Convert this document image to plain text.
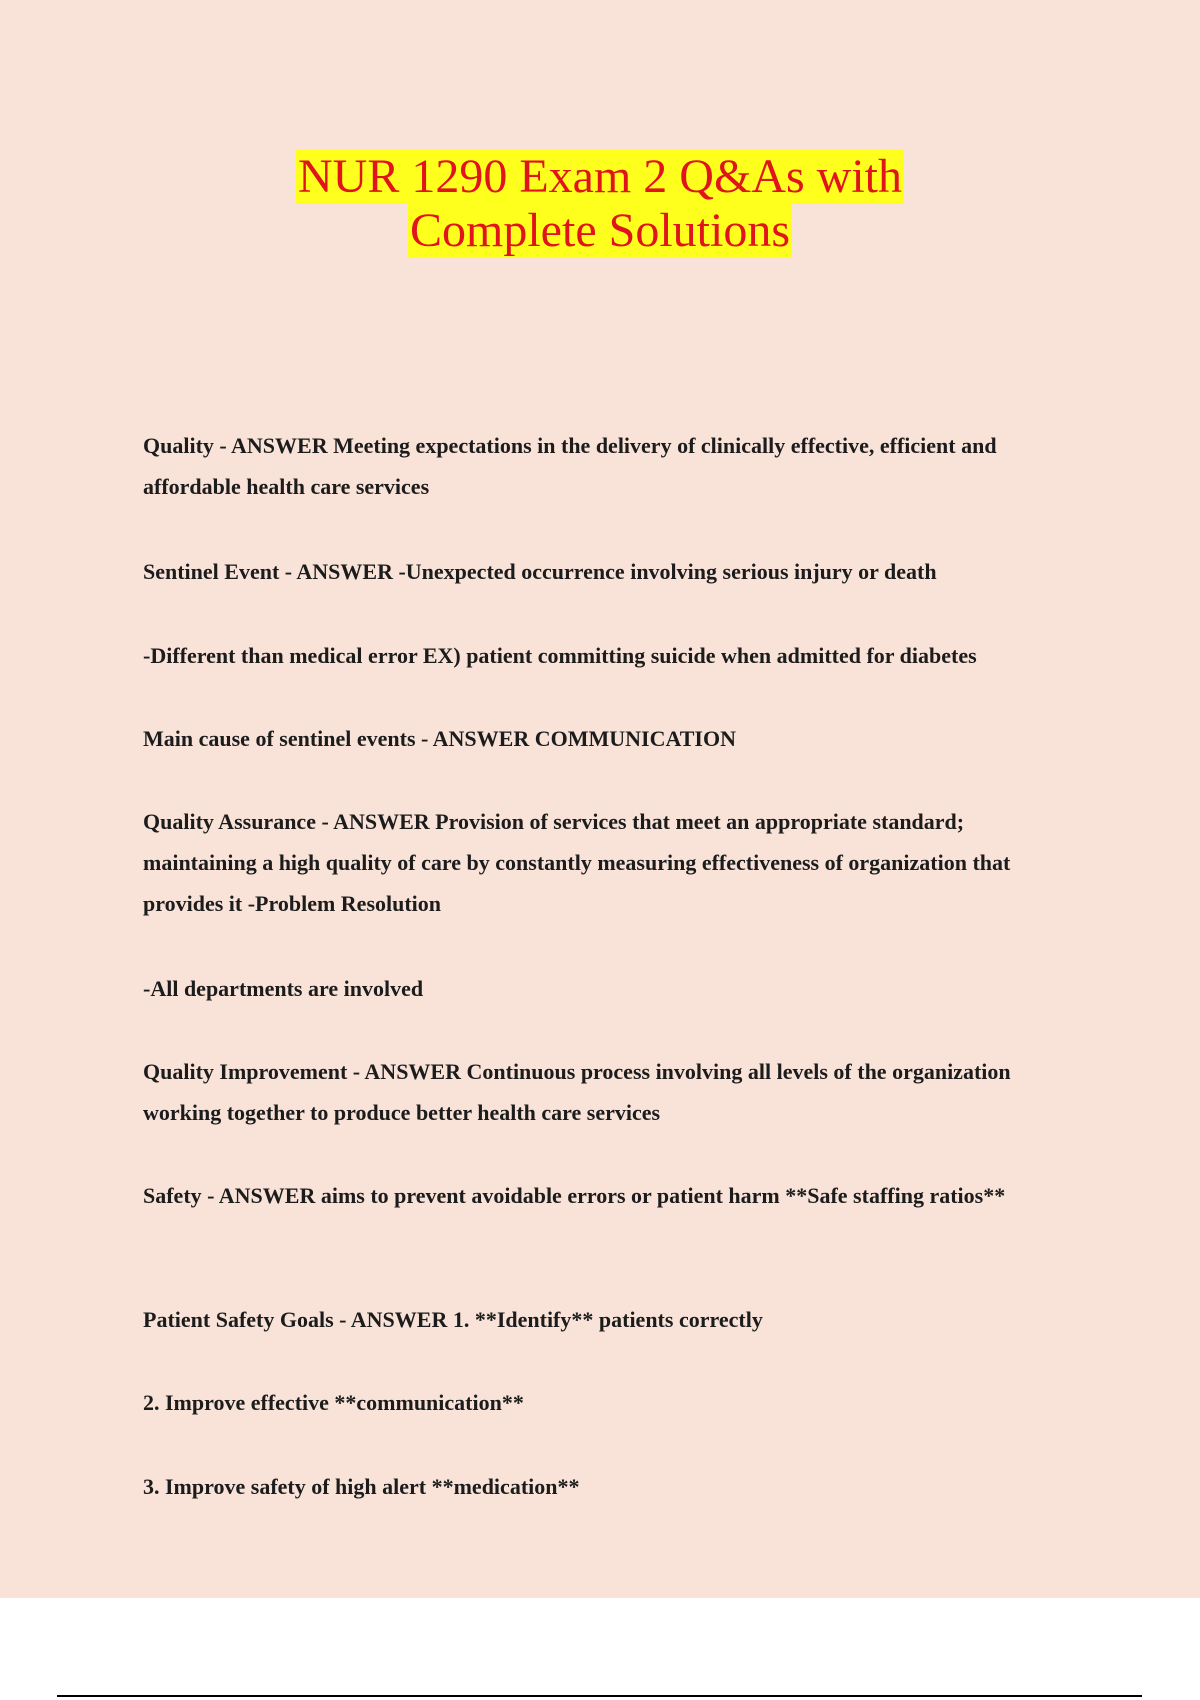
NUR 1290 Exam 2 Q&As with
Complete Solutions

Quality - ANSWER Meeting expectations in the delivery of clinically effective, efficient and affordable health care services

Sentinel Event - ANSWER -Unexpected occurrence involving serious injury or death

-Different than medical error EX) patient committing suicide when admitted for diabetes

Main cause of sentinel events - ANSWER COMMUNICATION

Quality Assurance - ANSWER Provision of services that meet an appropriate standard; maintaining a high quality of care by constantly measuring effectiveness of organization that provides it -Problem Resolution

-All departments are involved

Quality Improvement - ANSWER Continuous process involving all levels of the organization working together to produce better health care services

Safety - ANSWER aims to prevent avoidable errors or patient harm **Safe staffing ratios**

Patient Safety Goals - ANSWER 1. **Identify** patients correctly

2. Improve effective **communication**

3. Improve safety of high alert **medication**
